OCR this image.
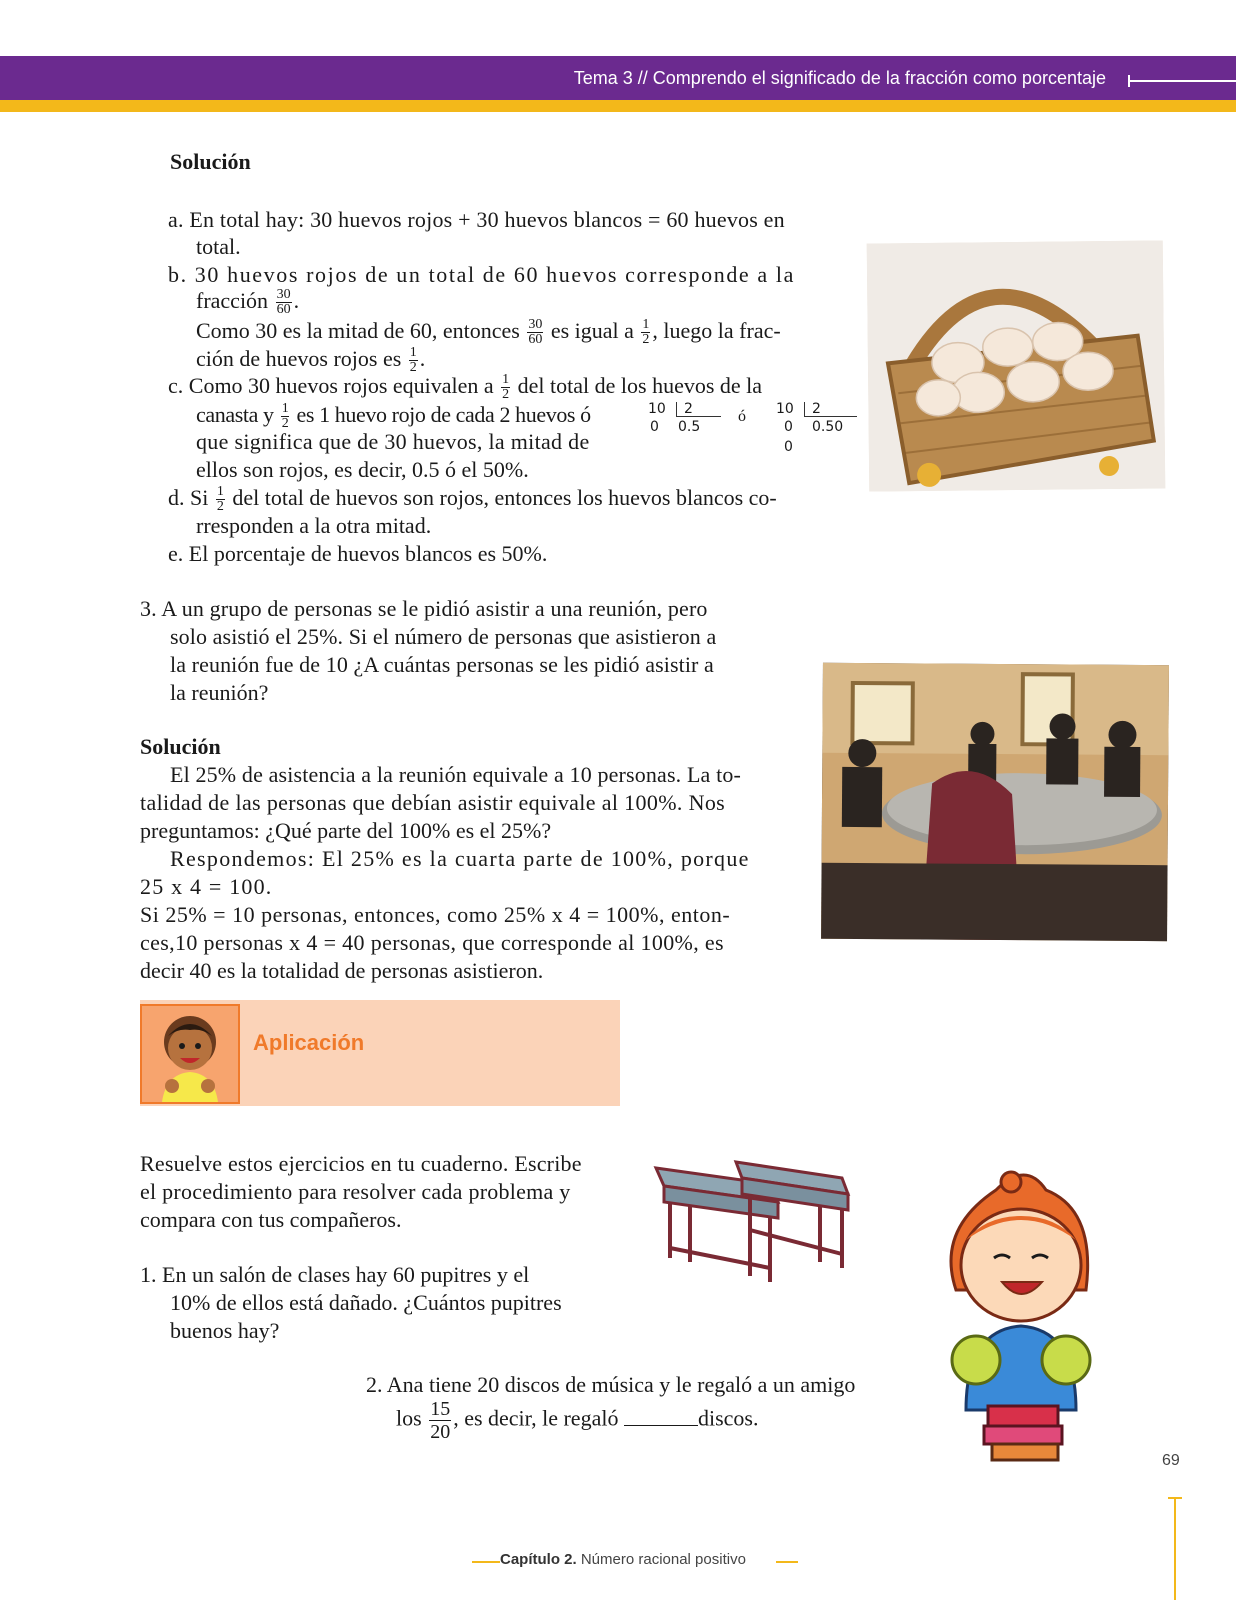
Tema 3 // Comprendo el significado de la fracción como porcentaje
Solución
a. En total hay: 30 huevos rojos + 30 huevos blancos = 60 huevos en
total.
b. 30 huevos rojos de un total de 60 huevos corresponde a la
fracción $\frac{30}{60}$ .
Como 30 es la mitad de 60, entonces $\frac{30}{60}$ es igual a $\frac{1}{2}$ , luego la frac-
ción de huevos rojos es $\frac{1}{2}$ .
c. Como 30 huevos rojos equivalen a $\frac{1}{2}$ del total de los huevos de la
canasta y $\frac{1}{2}$ es 1 huevo rojo de cada 2 huevos ó
que significa que de 30 huevos, la mitad de
ellos son rojos, es decir, 0.5 ó el 50%.
10 2
0 0.5
ó 10 2
0 0.50
0
d. Si $\frac{1}{2}$ del total de huevos son rojos, entonces los huevos blancos co-
rresponden a la otra mitad.
e. El porcentaje de huevos blancos es 50%.
3. A un grupo de personas se le pidió asistir a una reunión, pero
solo asistió el 25%. Si el número de personas que asistieron a
la reunión fue de 10 ¿A cuántas personas se les pidió asistir a
la reunión?
Solución
El 25% de asistencia a la reunión equivale a 10 personas. La to-
talidad de las personas que debían asistir equivale al 100%. Nos
preguntamos: ¿Qué parte del 100% es el 25%?
Respondemos: El 25% es la cuarta parte de 100%, porque
25 x 4 = 100.
Si 25% = 10 personas, entonces, como 25% x 4 = 100%, enton-
ces,10 personas x 4 = 40 personas, que corresponde al 100%, es
decir 40 es la totalidad de personas asistieron.
Aplicación
Resuelve estos ejercicios en tu cuaderno. Escribe
el procedimiento para resolver cada problema y
compara con tus compañeros.
1. En un salón de clases hay 60 pupitres y el
10% de ellos está dañado. ¿Cuántos pupitres
buenos hay?
2. Ana tiene 20 discos de música y le regaló a un amigo
los $\frac{15}{20}$ , es decir, le regaló	discos.
69
Capítulo 2. Número racional positivo
